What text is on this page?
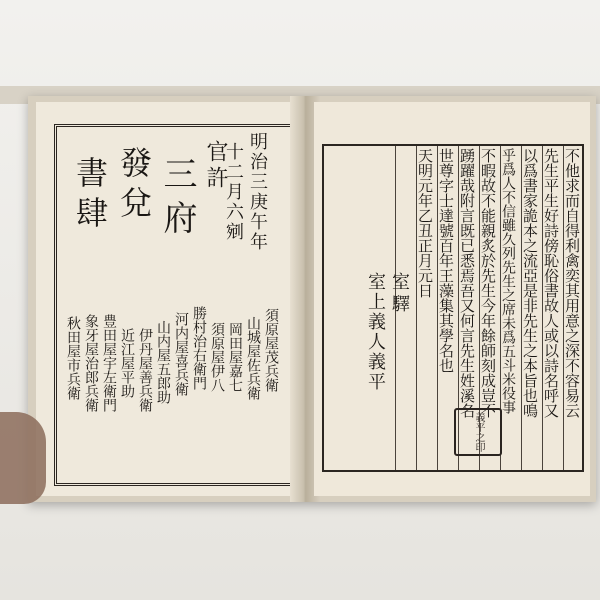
官許 明治三庚午年
十二月六剜
三府
發兌
書肆
須原屋茂兵衛
山城屋佐兵衛
岡田屋嘉七
須原屋伊八
勝村治右衛門
河内屋喜兵衛
山内屋五郎助
伊丹屋善兵衛
近江屋平助
豊田屋宇左衛門
象牙屋治郎兵衛
秋田屋市兵衛	不他求而自得利禽奕其用意之深不容易云
先生平生好詩傍恥俗書故人或以詩名呼又
以爲書家詭本之流亞是非先生之本旨也鳴
乎爲人不信雖久列先生之席未爲五斗米役事
不暇故不能親炙於先生今年餘師刻成豈不
踴躍哉附言既已悉焉吾又何言先生姓溪名
世尊字士達號百年王藻集其學名也
天明元年乙丑正月元日
室驛
室上義人義平
義平之印
